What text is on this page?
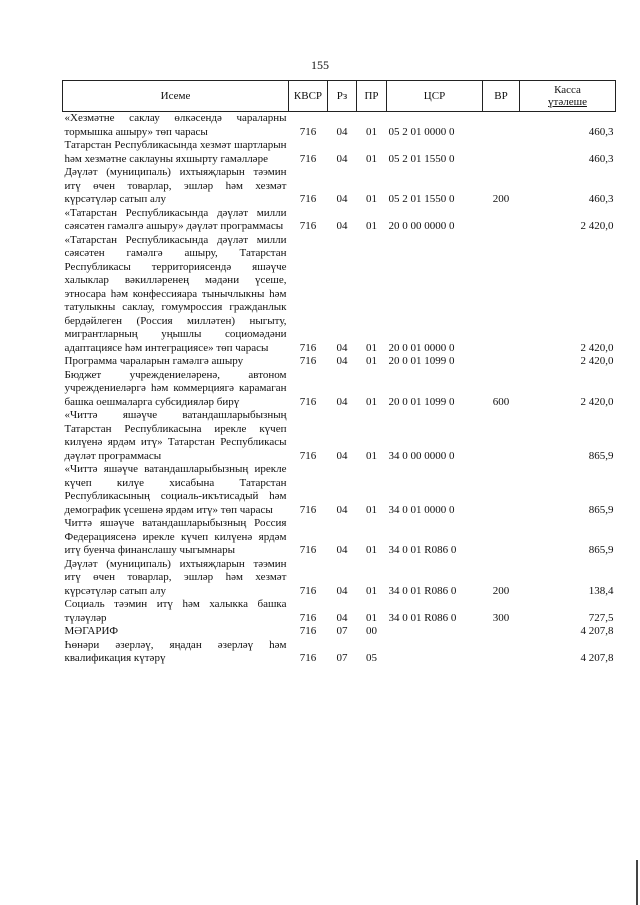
155
Исеме	КВСР	Рз	ПР	ЦСР	ВР	Касса
үтәлеше
«Хезмәтне саклау өлкәсендә чараларны тормышка ашыру» төп чарасы	716	04	01	05 2 01 0000 0		460,3
Татарстан Республикасында хезмәт шартларын һәм хезмәтне саклауны яхшырту гамәлләре	716	04	01	05 2 01 1550 0		460,3
Дәүләт (муниципаль) ихтыяҗларын тәэмин итү өчен товарлар, эшләр һәм хезмәт күрсәтүләр сатып алу	716	04	01	05 2 01 1550 0	200	460,3
«Татарстан Республикасында дәүләт милли сәясәтен гамәлгә ашыру» дәүләт программасы	716	04	01	20 0 00 0000 0		2 420,0
«Татарстан Республикасында дәүләт милли сәясәтен гамәлгә ашыру, Татарстан Республикасы территориясендә яшәүче халыклар вәкилләренең мәдәни үсеше, этносара һәм конфессияара тынычлыкны һәм татулыкны саклау, гомумроссия гражданлык бердәйлеген (Россия милләтен) ныгыту, мигрантларның уңышлы социомәдәни адаптациясе һәм интеграциясе» төп чарасы	716	04	01	20 0 01 0000 0		2 420,0
Программа чараларын гамәлгә ашыру	716	04	01	20 0 01 1099 0		2 420,0
Бюджет учреждениеләренә, автоном учреждениеләргә һәм коммерциягә карамаган башка оешмаларга субсидияләр бирү	716	04	01	20 0 01 1099 0	600	2 420,0
«Читтә яшәүче ватандашларыбызның Татарстан Республикасына ирекле күчеп килүенә ярдәм итү» Татарстан Республикасы дәүләт программасы	716	04	01	34 0 00 0000 0		865,9
«Читтә яшәүче ватандашларыбызның ирекле күчеп килүе хисабына Татарстан Республикасының социаль-икътисадый һәм демографик үсешенә ярдәм итү» төп чарасы	716	04	01	34 0 01 0000 0		865,9
Читтә яшәүче ватандашларыбызның Россия Федерациясенә ирекле күчеп килүенә ярдәм итү буенча финанслашу чыгымнары	716	04	01	34 0 01 R086 0		865,9
Дәүләт (муниципаль) ихтыяҗларын тәэмин итү өчен товарлар, эшләр һәм хезмәт күрсәтүләр сатып алу	716	04	01	34 0 01 R086 0	200	138,4
Социаль тәэмин итү һәм халыкка башка түләүләр	716	04	01	34 0 01 R086 0	300	727,5
МӘГАРИФ	716	07	00			4 207,8
Һөнәри әзерләү, яңадан әзерләү һәм квалификация күтәрү	716	07	05			4 207,8
